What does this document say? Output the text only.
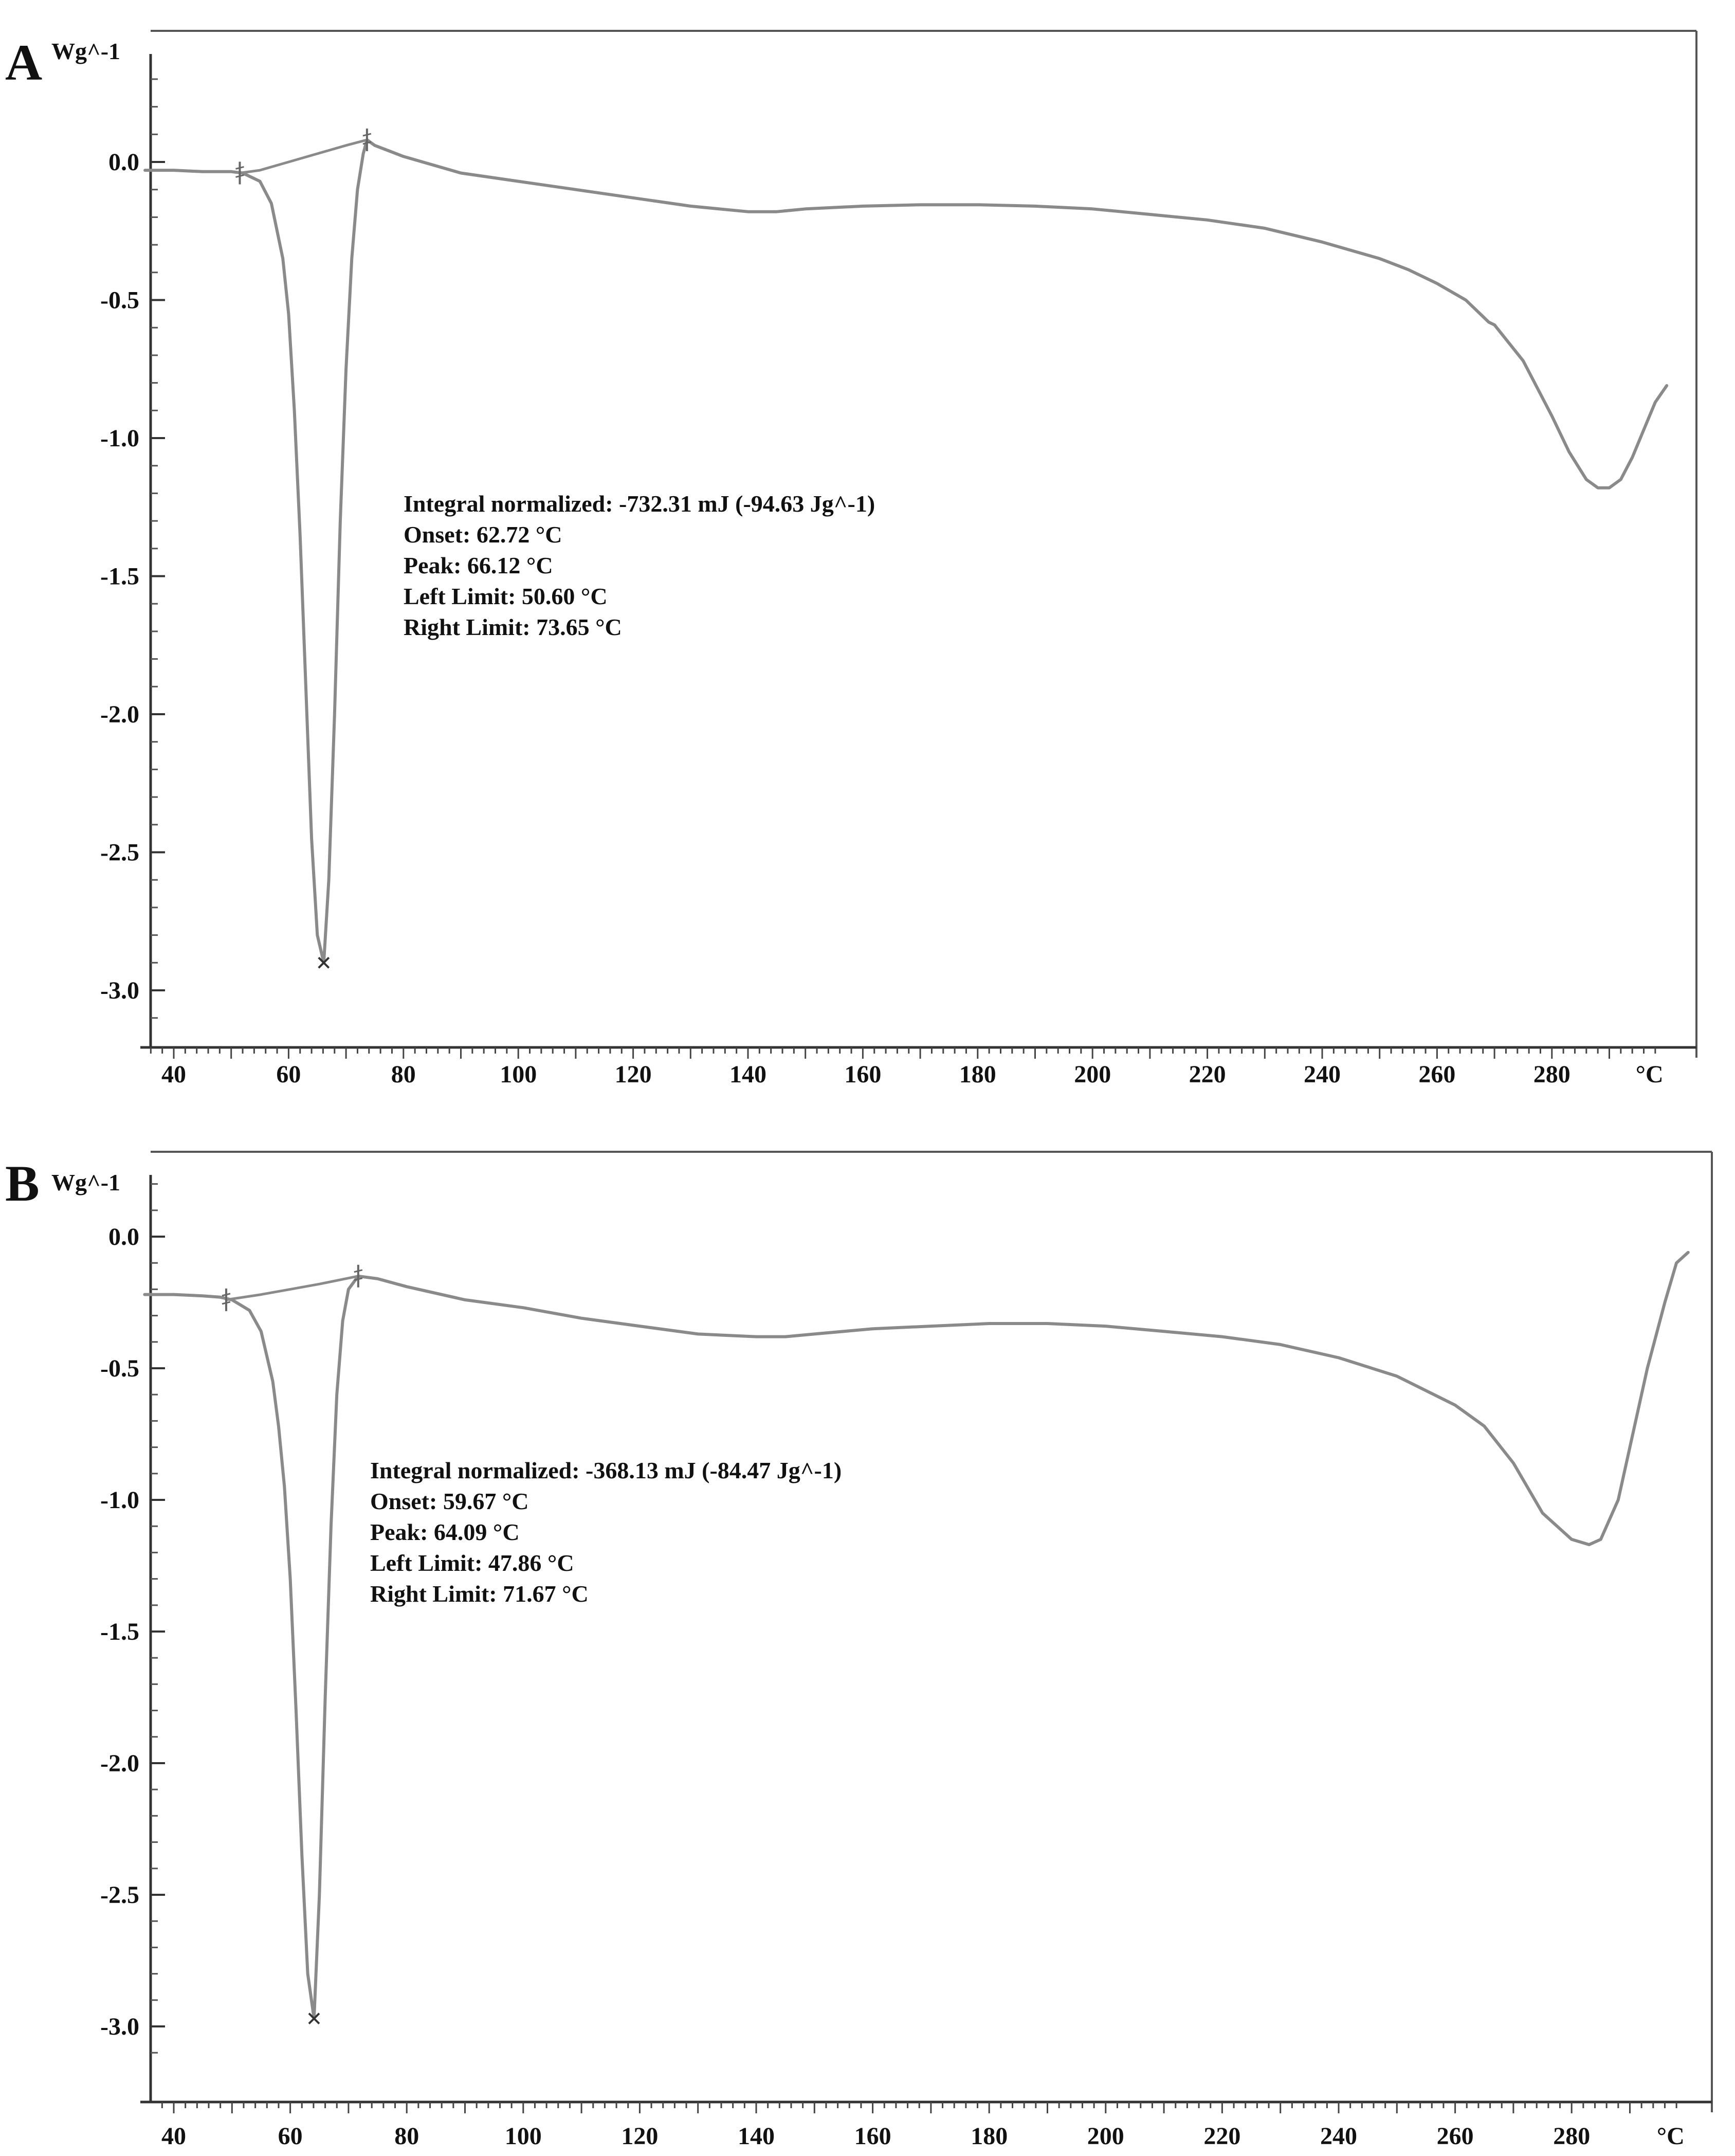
A Wg^-1
0.0
-0.5
-1.0
-1.5
-2.0
-2.5
-3.0
40	60	80	100	120	140	160	180	200	220	240	260	280	°C
Integral normalized: -732.31 mJ (-94.63 Jg^-1)
Onset: 62.72 °C
Peak: 66.12 °C
Left Limit: 50.60 °C
Right Limit: 73.65 °C
B Wg^-1
0.0
-0.5
-1.0
-1.5
-2.0
-2.5
-3.0
40	60	80	100	120	140	160	180	200	220	240	260	280	°C
Integral normalized: -368.13 mJ (-84.47 Jg^-1)
Onset: 59.67 °C
Peak: 64.09 °C
Left Limit: 47.86 °C
Right Limit: 71.67 °C
